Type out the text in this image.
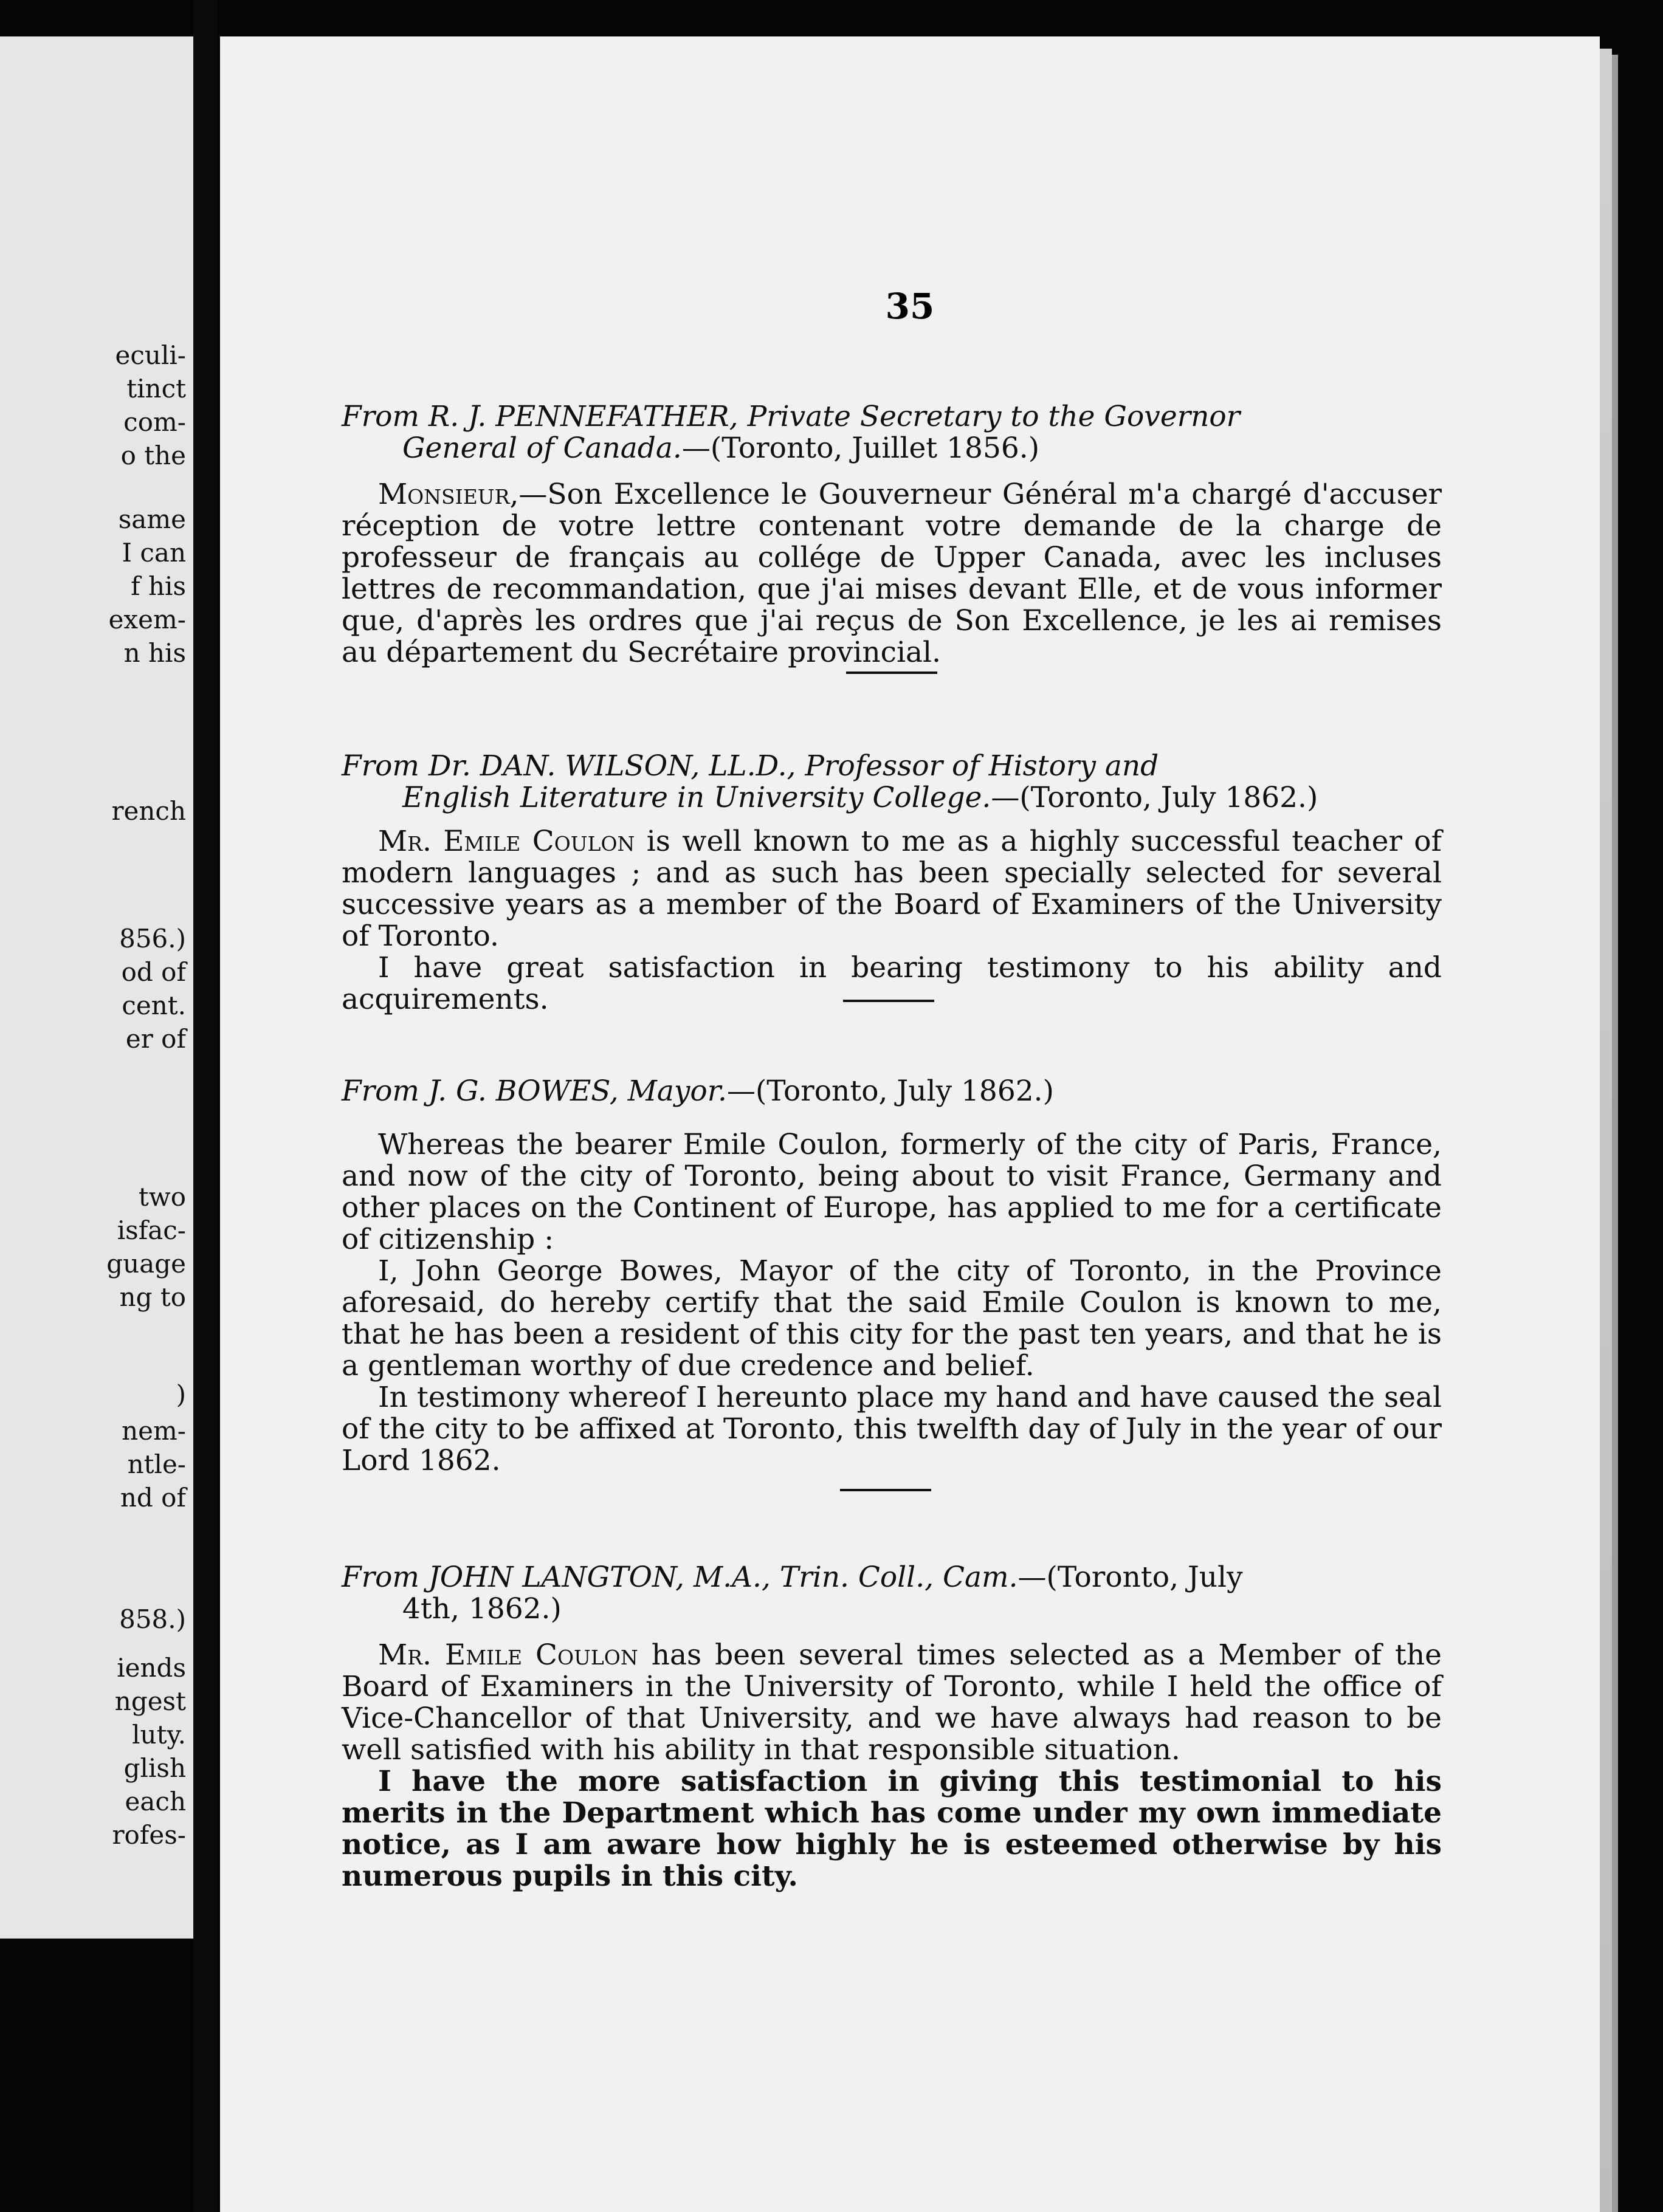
eculi-
tinct
com-
o the
same
I can
f his
exem-
n his
rench
856.)
od of
cent.
er of
two
isfac-
guage
ng to
)
nem-
ntle-
nd of
858.)
iends
ngest
luty.
glish
each
rofes-
35
From R. J. PENNEFATHER, Private Secretary to the Governor
General of Canada.—(Toronto, Juillet 1856.)

Monsieur,—Son Excellence le Gouverneur Général m'a chargé d'accuser réception de votre lettre contenant votre demande de la charge de professeur de français au collége de Upper Canada, avec les incluses lettres de recommandation, que j'ai mises devant Elle, et de vous informer que, d'après les ordres que j'ai reçus de Son Excellence, je les ai remises au département du Secrétaire provincial.

From Dr. DAN. WILSON, LL.D., Professor of History and
English Literature in University College.—(Toronto, July 1862.)

Mr. Emile Coulon is well known to me as a highly successful teacher of modern languages ; and as such has been specially selected for several successive years as a member of the Board of Examiners of the University of Toronto.

I have great satisfaction in bearing testimony to his ability and acquirements.

From J. G. BOWES, Mayor.—(Toronto, July 1862.)

Whereas the bearer Emile Coulon, formerly of the city of Paris, France, and now of the city of Toronto, being about to visit France, Germany and other places on the Continent of Europe, has applied to me for a certificate of citizenship :

I, John George Bowes, Mayor of the city of Toronto, in the Province aforesaid, do hereby certify that the said Emile Coulon is known to me, that he has been a resident of this city for the past ten years, and that he is a gentleman worthy of due credence and belief.

In testimony whereof I hereunto place my hand and have caused the seal of the city to be affixed at Toronto, this twelfth day of July in the year of our Lord 1862.

From JOHN LANGTON, M.A., Trin. Coll., Cam.—(Toronto, July
4th, 1862.)

Mr. Emile Coulon has been several times selected as a Member of the Board of Examiners in the University of Toronto, while I held the office of Vice-Chancellor of that University, and we have always had reason to be well satisfied with his ability in that responsible situation.

I have the more satisfaction in giving this testimonial to his merits in the Department which has come under my own immediate notice, as I am aware how highly he is esteemed otherwise by his numerous pupils in this city.
